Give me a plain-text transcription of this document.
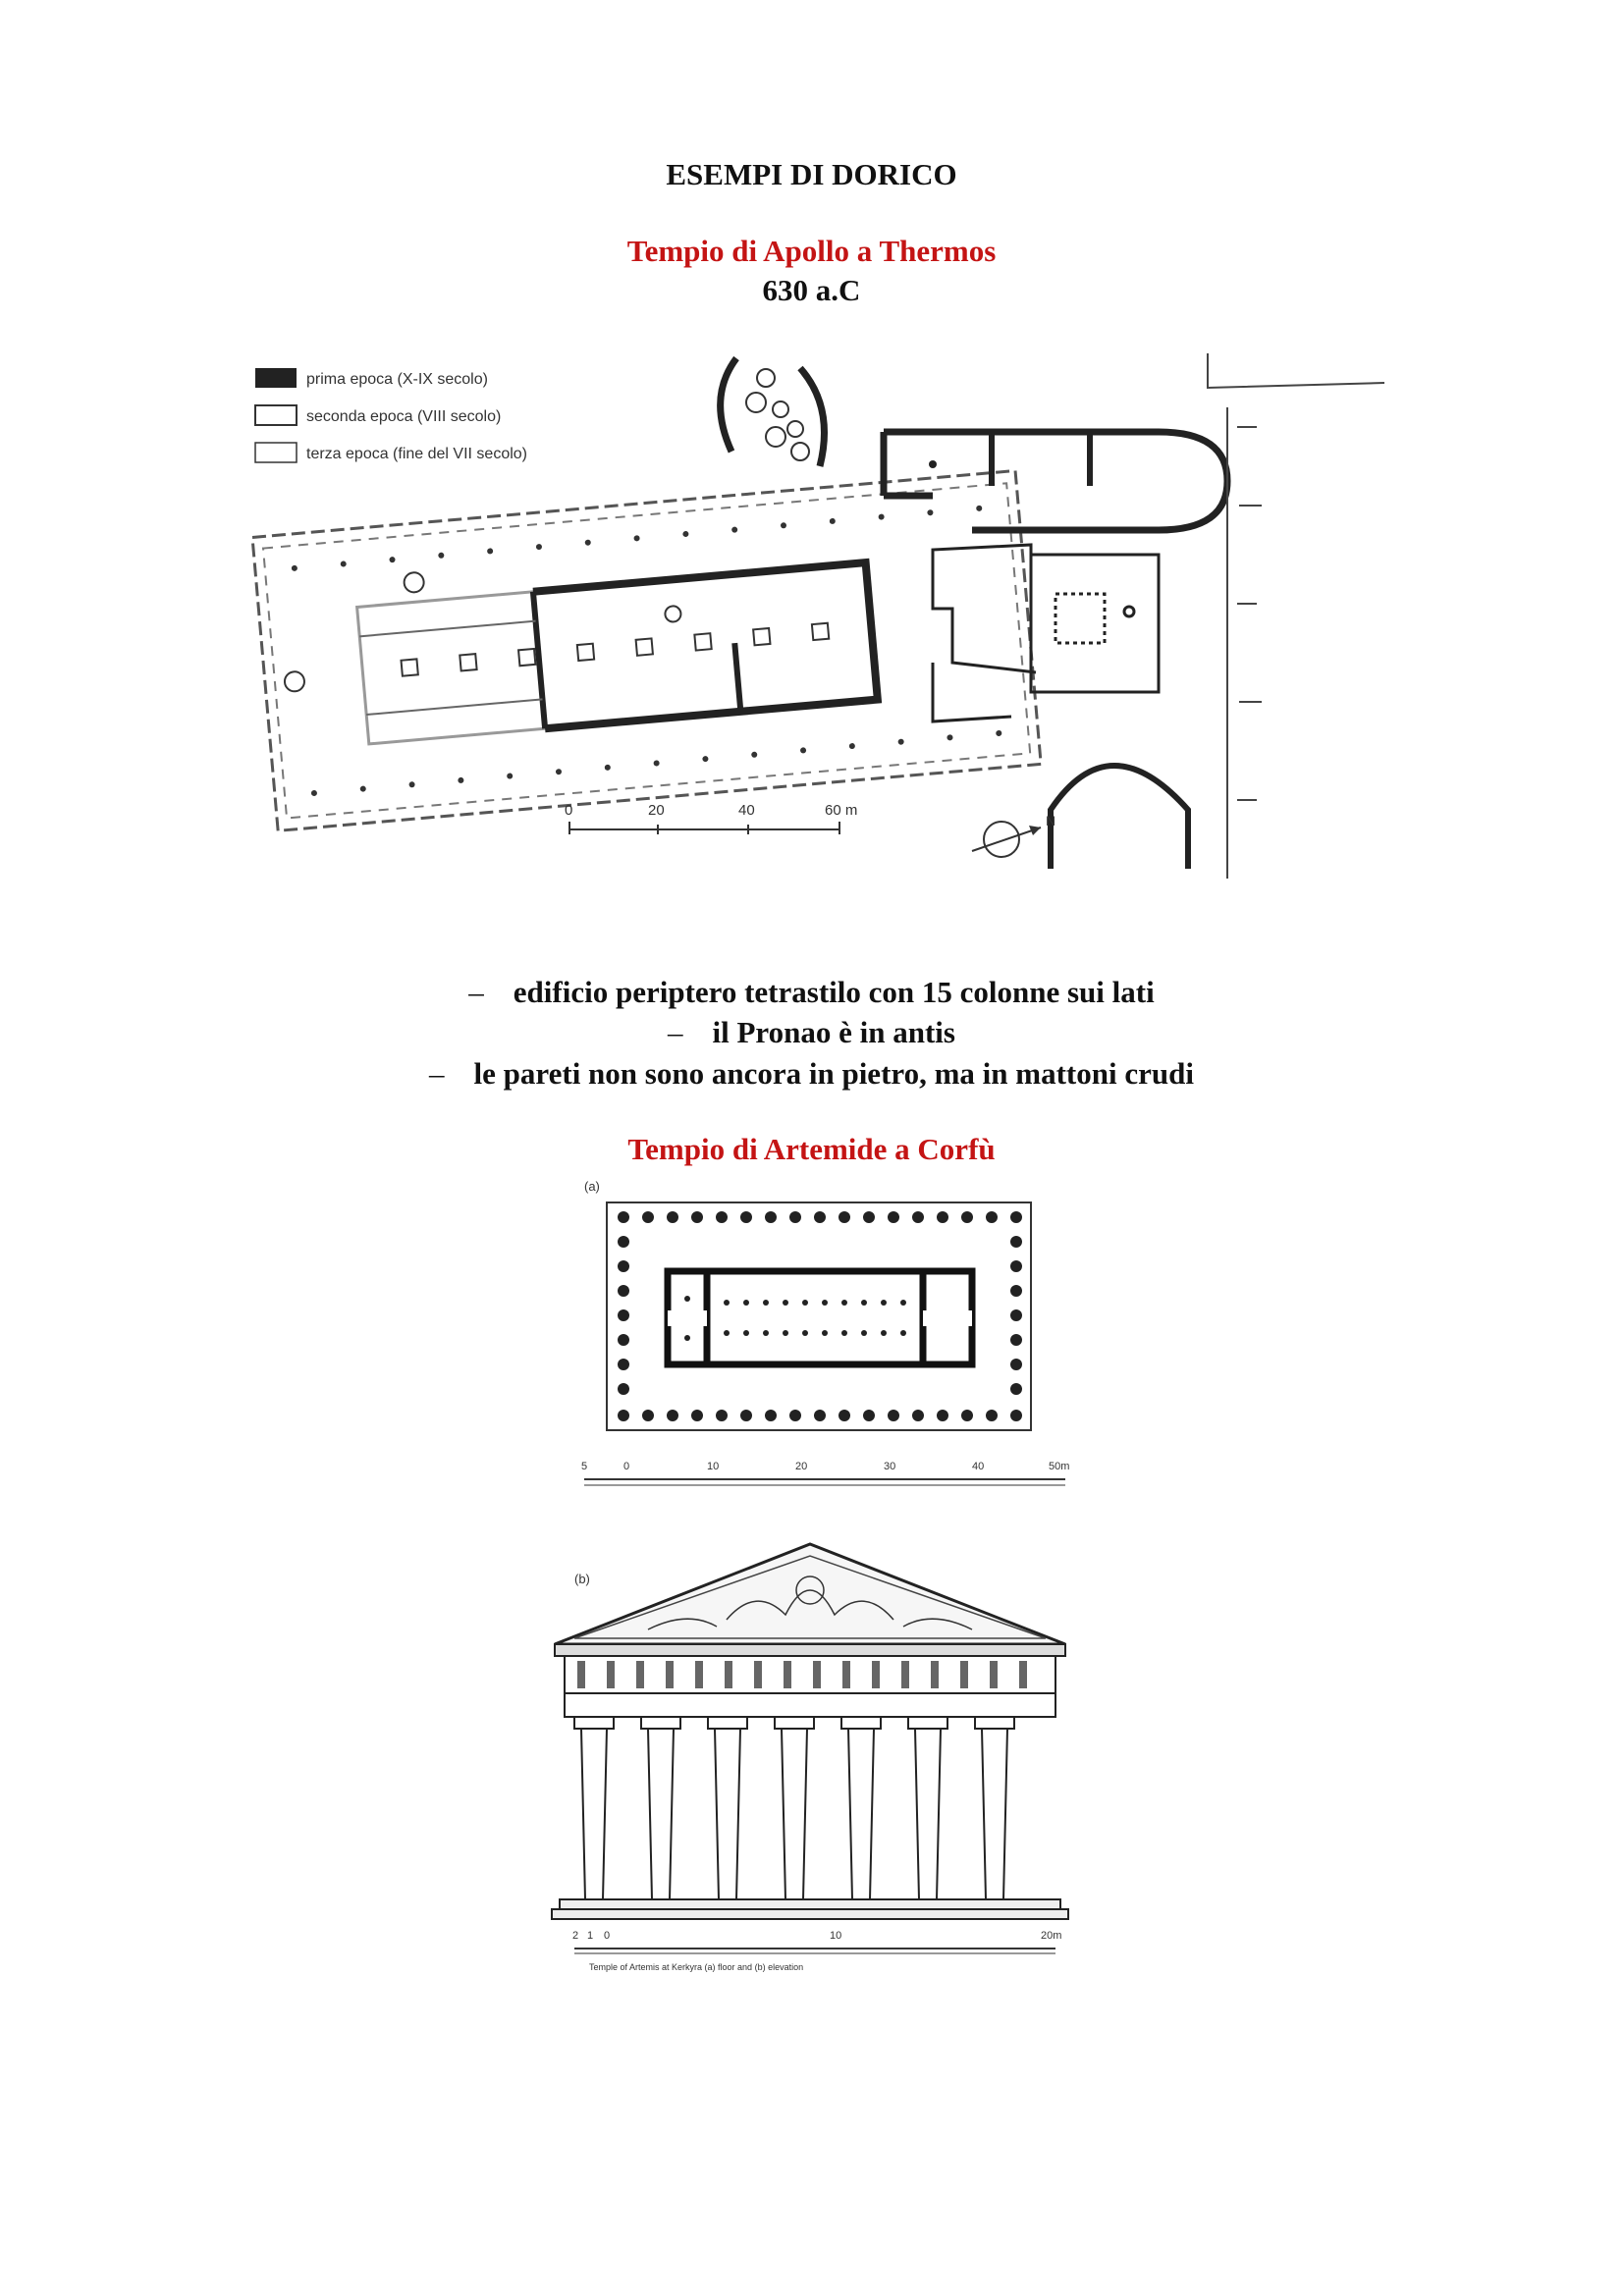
ESEMPI DI DORICO
Tempio di Apollo a Thermos
630 a.C
prima epoca (X-IX secolo)
seconda epoca (VIII secolo)
terza epoca (fine del VII secolo)
0	20	40	60 m
N
– edificio periptero tetrastilo con 15 colonne sui lati
– il Pronao è in antis
– le pareti non sono ancora in pietro, ma in mattoni crudi
Tempio di Artemide a Corfù
(a)
5	0	10	20	30	40	50m
(b)
2 1 0	10	20m
Temple of Artemis at Kerkyra (a) floor and (b) elevation
